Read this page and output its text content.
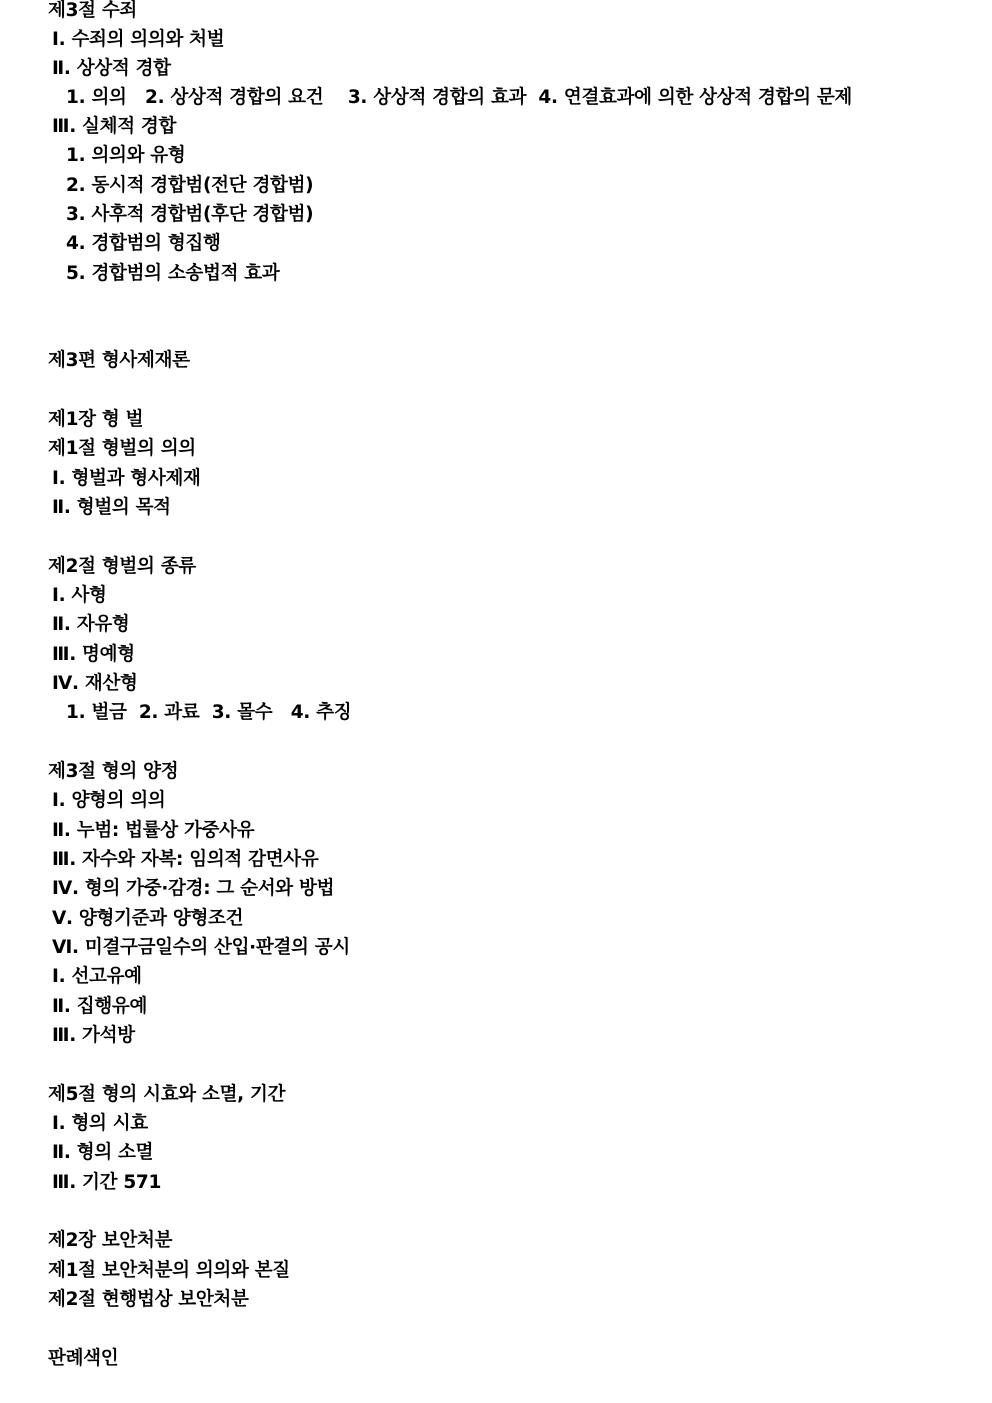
제3절 수죄
Ⅰ. 수죄의 의의와 처벌
Ⅱ. 상상적 경합
1. 의의   2. 상상적 경합의 요건    3. 상상적 경합의 효과  4. 연결효과에 의한 상상적 경합의 문제
Ⅲ. 실체적 경합
1. 의의와 유형
2. 동시적 경합범(전단 경합범)
3. 사후적 경합범(후단 경합범)
4. 경합범의 형집행
5. 경합범의 소송법적 효과
제3편 형사제재론
제1장 형 벌
제1절 형벌의 의의
Ⅰ. 형벌과 형사제재
Ⅱ. 형벌의 목적
제2절 형벌의 종류
Ⅰ. 사형
Ⅱ. 자유형
Ⅲ. 명예형
Ⅳ. 재산형
1. 벌금  2. 과료  3. 몰수   4. 추징
제3절 형의 양정
Ⅰ. 양형의 의의
Ⅱ. 누범: 법률상 가중사유
Ⅲ. 자수와 자복: 임의적 감면사유
Ⅳ. 형의 가중·감경: 그 순서와 방법
Ⅴ. 양형기준과 양형조건
Ⅵ. 미결구금일수의 산입·판결의 공시
Ⅰ. 선고유예
Ⅱ. 집행유예
Ⅲ. 가석방
제5절 형의 시효와 소멸, 기간
Ⅰ. 형의 시효
Ⅱ. 형의 소멸
Ⅲ. 기간 571
제2장 보안처분
제1절 보안처분의 의의와 본질
제2절 현행법상 보안처분
판례색인
